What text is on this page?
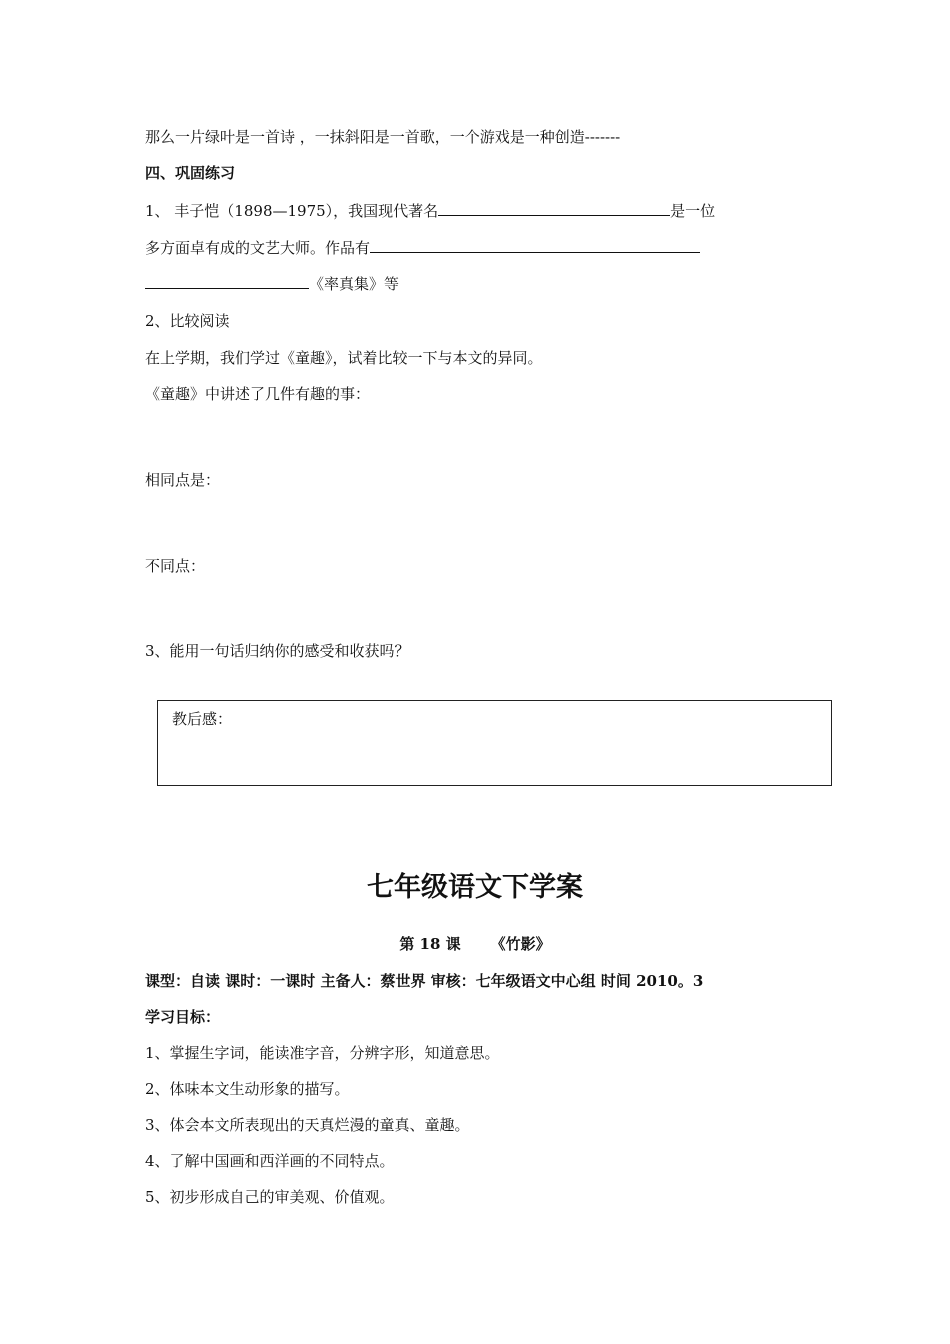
那么一片绿叶是一首诗 ，一抹斜阳是一首歌，一个游戏是一种创造-------
四、巩固练习
1、 丰子恺（1898—1975），我国现代著名	是一位
多方面卓有成的文艺大师。作品有
《率真集》等
2、比较阅读
在上学期，我们学过《童趣》，试着比较一下与本文的异同。
《童趣》中讲述了几件有趣的事：
相同点是：
不同点：
3、能用一句话归纳你的感受和收获吗？
教后感：
七年级语文下学案
第 18 课 《竹影》
课型：自读 课时：一课时 主备人：蔡世界 审核：七年级语文中心组 时间 2010。3
学习目标：
1、掌握生字词，能读准字音，分辨字形，知道意思。
2、体味本文生动形象的描写。
3、体会本文所表现出的天真烂漫的童真、童趣。
4、了解中国画和西洋画的不同特点。
5、初步形成自己的审美观、价值观。
